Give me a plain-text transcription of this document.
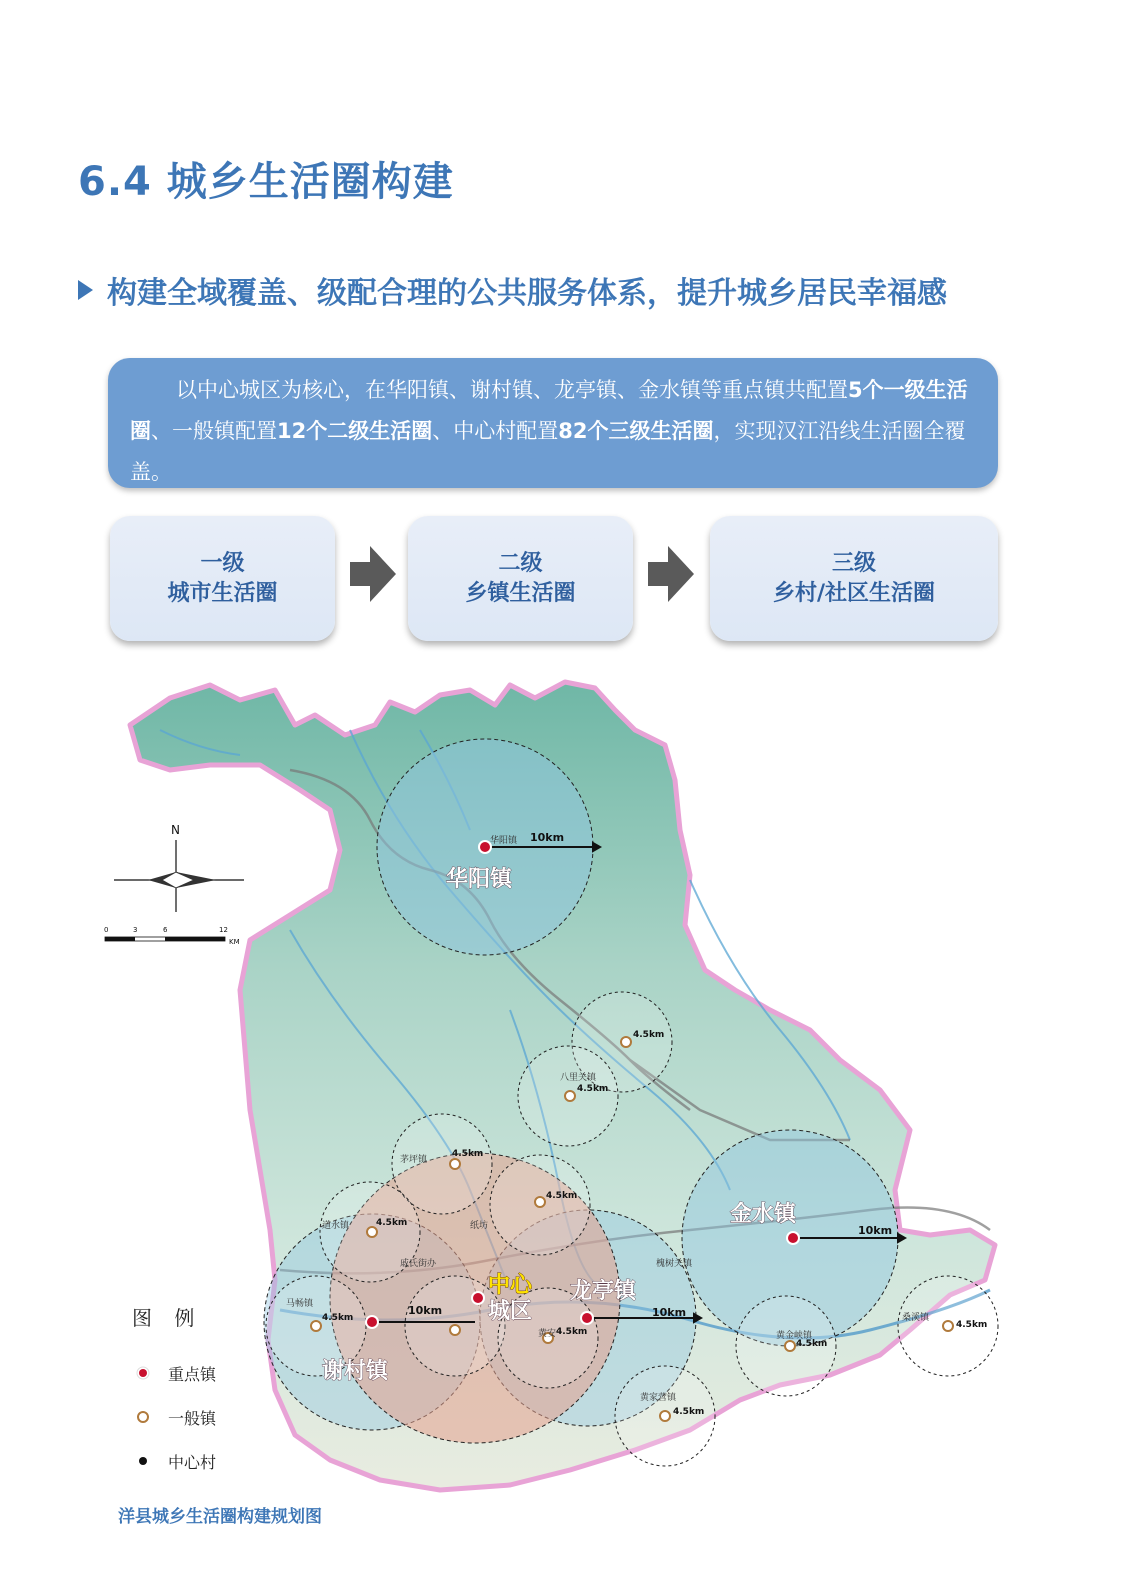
6.4 城乡生活圈构建
构建全域覆盖、级配合理的公共服务体系，提升城乡居民幸福感
以中心城区为核心，在华阳镇、谢村镇、龙亭镇、金水镇等重点镇共配置5个一级生活圈、一般镇配置12个二级生活圈、中心村配置82个三级生活圈，实现汉江沿线生活圈全覆盖。
一级
城市生活圈
二级
乡镇生活圈
三级
乡村/社区生活圈
10km
10km
10km
10km
4.5km
4.5km
4.5km
4.5km
4.5km
4.5km
4.5km
4.5km
4.5km
4.5km
华阳镇
八里关镇
茅坪镇
道水镇	纸坊
戚氏街办
马畅镇
槐树关镇
黄金峡镇
桑溪镇
黄家营镇
黄安
华阳镇
金水镇
龙亭镇
谢村镇
中心
城区
N
0	3	6	12
KM
图 例
重点镇
一般镇
中心村
洋县城乡生活圈构建规划图
